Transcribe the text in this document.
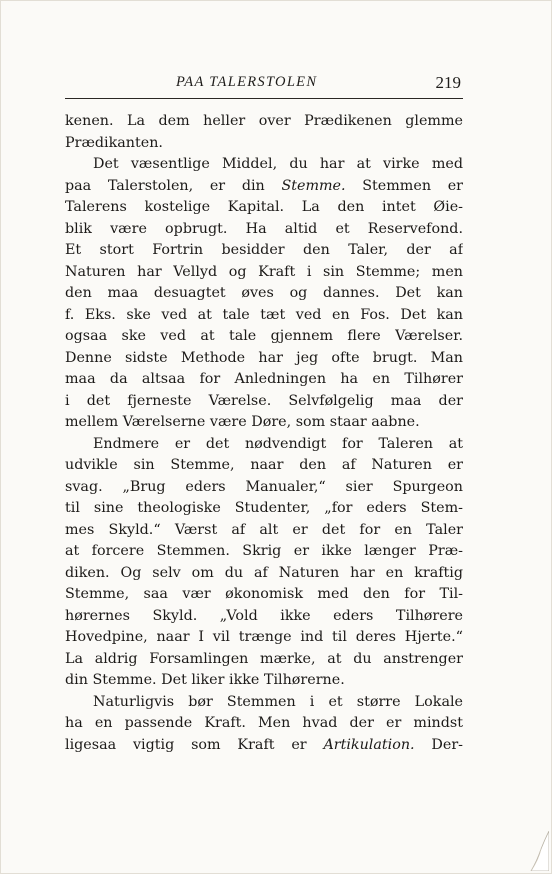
PAA TALERSTOLEN	219
kenen. La dem heller over Prædikenen glemme
Prædikanten.
Det væsentlige Middel, du har at virke med
paa Talerstolen, er din Stemme. Stemmen er
Talerens kostelige Kapital. La den intet Øie-
blik være opbrugt. Ha altid et Reservefond.
Et stort Fortrin besidder den Taler, der af
Naturen har Vellyd og Kraft i sin Stemme; men
den maa desuagtet øves og dannes. Det kan
f. Eks. ske ved at tale tæt ved en Fos. Det kan
ogsaa ske ved at tale gjennem flere Værelser.
Denne sidste Methode har jeg ofte brugt. Man
maa da altsaa for Anledningen ha en Tilhører
i det fjerneste Værelse. Selvfølgelig maa der
mellem Værelserne være Døre, som staar aabne.
Endmere er det nødvendigt for Taleren at
udvikle sin Stemme, naar den af Naturen er
svag. „Brug eders Manualer,“ sier Spurgeon
til sine theologiske Studenter, „for eders Stem-
mes Skyld.“ Værst af alt er det for en Taler
at forcere Stemmen. Skrig er ikke længer Præ-
diken. Og selv om du af Naturen har en kraftig
Stemme, saa vær økonomisk med den for Til-
hørernes Skyld. „Vold ikke eders Tilhørere
Hovedpine, naar I vil trænge ind til deres Hjerte.“
La aldrig Forsamlingen mærke, at du anstrenger
din Stemme. Det liker ikke Tilhørerne.
Naturligvis bør Stemmen i et større Lokale
ha en passende Kraft. Men hvad der er mindst
ligesaa vigtig som Kraft er Artikulation. Der-
